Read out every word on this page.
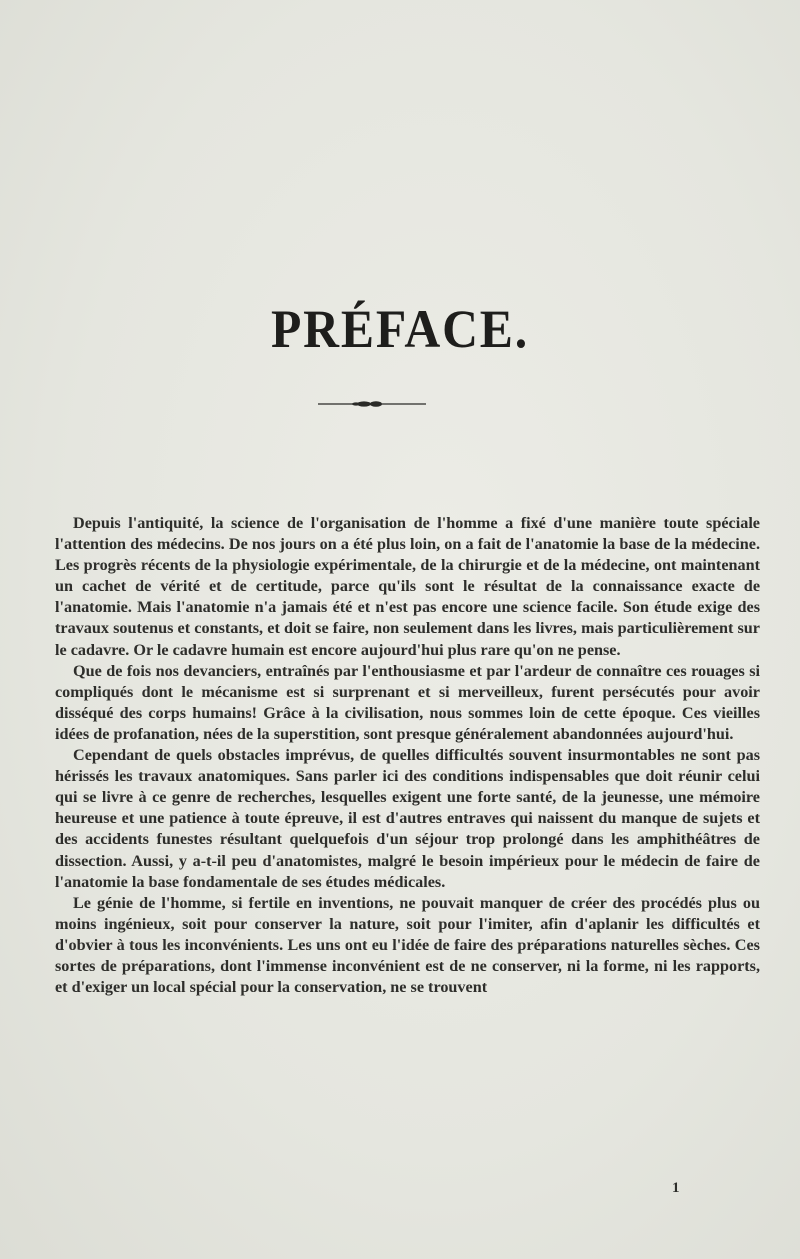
PRÉFACE.

Depuis l'antiquité, la science de l'organisation de l'homme a fixé d'une manière toute spéciale l'attention des médecins. De nos jours on a été plus loin, on a fait de l'anatomie la base de la médecine. Les progrès récents de la physiologie expérimentale, de la chirurgie et de la médecine, ont maintenant un cachet de vérité et de certitude, parce qu'ils sont le résultat de la connaissance exacte de l'anatomie. Mais l'anatomie n'a jamais été et n'est pas encore une science facile. Son étude exige des travaux soutenus et constants, et doit se faire, non seulement dans les livres, mais particulièrement sur le cadavre. Or le cadavre humain est encore aujourd'hui plus rare qu'on ne pense.

Que de fois nos devanciers, entraînés par l'enthousiasme et par l'ardeur de connaître ces rouages si compliqués dont le mécanisme est si surprenant et si merveilleux, furent persécutés pour avoir disséqué des corps humains! Grâce à la civilisation, nous sommes loin de cette époque. Ces vieilles idées de profanation, nées de la superstition, sont presque généralement abandonnées aujourd'hui.

Cependant de quels obstacles imprévus, de quelles difficultés souvent insurmontables ne sont pas hérissés les travaux anatomiques. Sans parler ici des conditions indispensables que doit réunir celui qui se livre à ce genre de recherches, lesquelles exigent une forte santé, de la jeunesse, une mémoire heureuse et une patience à toute épreuve, il est d'autres entraves qui naissent du manque de sujets et des accidents funestes résultant quelquefois d'un séjour trop prolongé dans les amphithéâtres de dissection. Aussi, y a-t-il peu d'anatomistes, malgré le besoin impérieux pour le médecin de faire de l'anatomie la base fondamentale de ses études médicales.

Le génie de l'homme, si fertile en inventions, ne pouvait manquer de créer des procédés plus ou moins ingénieux, soit pour conserver la nature, soit pour l'imiter, afin d'aplanir les difficultés et d'obvier à tous les inconvénients. Les uns ont eu l'idée de faire des préparations naturelles sèches. Ces sortes de préparations, dont l'immense inconvénient est de ne conserver, ni la forme, ni les rapports, et d'exiger un local spécial pour la conservation, ne se trouvent

1
